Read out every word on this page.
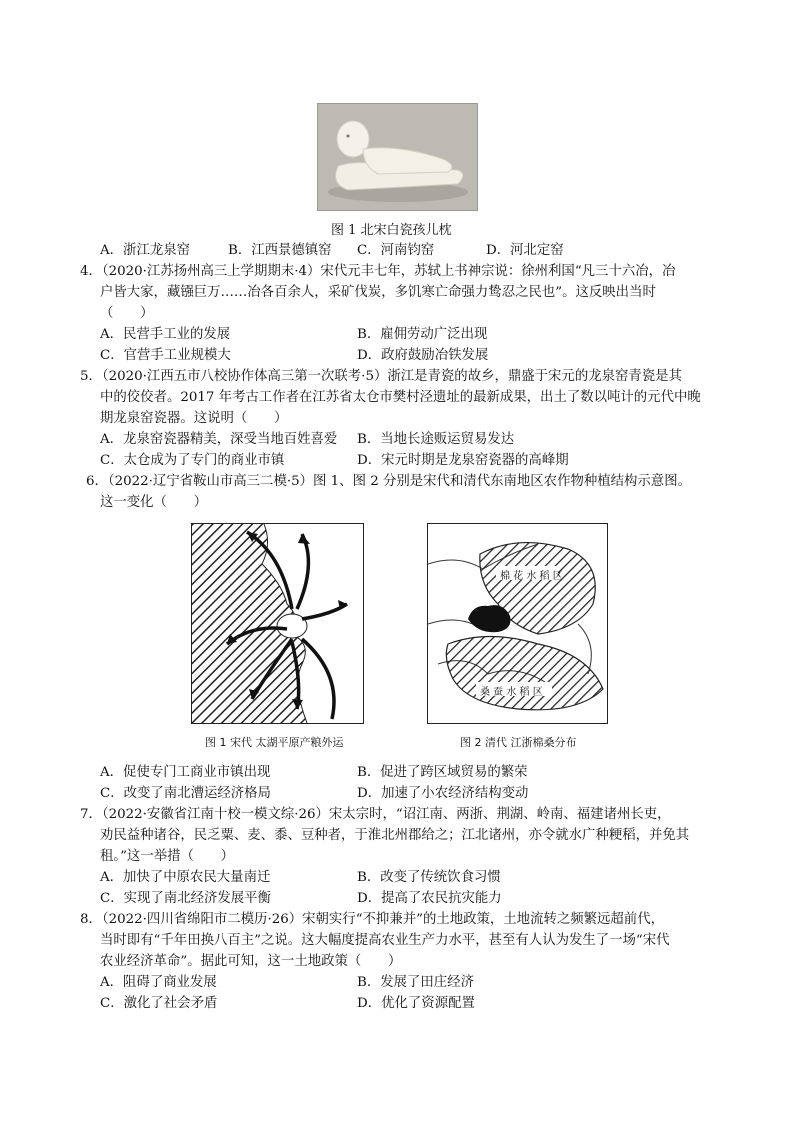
图 1 北宋白瓷孩儿枕
A．浙江龙泉窑	B．江西景德镇窑 C．河南钧窑	D．河北定窑
4．（2020·江苏扬州高三上学期期末·4）宋代元丰七年，苏轼上书神宗说：徐州利国“凡三十六冶，冶
户皆大家，藏镪巨万……冶各百余人，采矿伐炭，多饥寒亡命强力鸷忍之民也”。这反映出当时
（　　）
A．民营手工业的发展	B．雇佣劳动广泛出现
C．官营手工业规模大	D．政府鼓励冶铁发展
5．（2020·江西五市八校协作体高三第一次联考·5）浙江是青瓷的故乡，鼎盛于宋元的龙泉窑青瓷是其
中的佼佼者。2017 年考古工作者在江苏省太仓市樊村泾遗址的最新成果，出土了数以吨计的元代中晚
期龙泉窑瓷器。这说明（　　）
A．龙泉窑瓷器精美，深受当地百姓喜爱 B．当地长途贩运贸易发达
C．太仓成为了专门的商业市镇	D．宋元时期是龙泉窑瓷器的高峰期
6．（2022·辽宁省鞍山市高三二模·5）图 1、图 2 分别是宋代和清代东南地区农作物种植结构示意图。
这一变化（　　）
图 1 宋代 太湖平原产粮外运
棉 花 水 稻 区
桑 蚕 水 稻 区
图 2 清代 江浙棉桑分布
A．促使专门工商业市镇出现	B．促进了跨区域贸易的繁荣
C．改变了南北漕运经济格局	D．加速了小农经济结构变动
7．（2022·安徽省江南十校一模文综·26）宋太宗时，“诏江南、两浙、荆湖、岭南、福建诸州长吏，
劝民益种诸谷，民乏粟、麦、黍、豆种者，于淮北州郡给之；江北诸州，亦令就水广种粳稻，并免其
租。”这一举措（　　）
A．加快了中原农民大量南迁	B．改变了传统饮食习惯
C．实现了南北经济发展平衡	D．提高了农民抗灾能力
8．（2022·四川省绵阳市二模历·26）宋朝实行“不抑兼并”的土地政策，土地流转之频繁远超前代，
当时即有“千年田换八百主”之说。这大幅度提高农业生产力水平，甚至有人认为发生了一场“宋代
农业经济革命”。据此可知，这一土地政策（　　）
A．阻碍了商业发展	B．发展了田庄经济
C．激化了社会矛盾	D．优化了资源配置
